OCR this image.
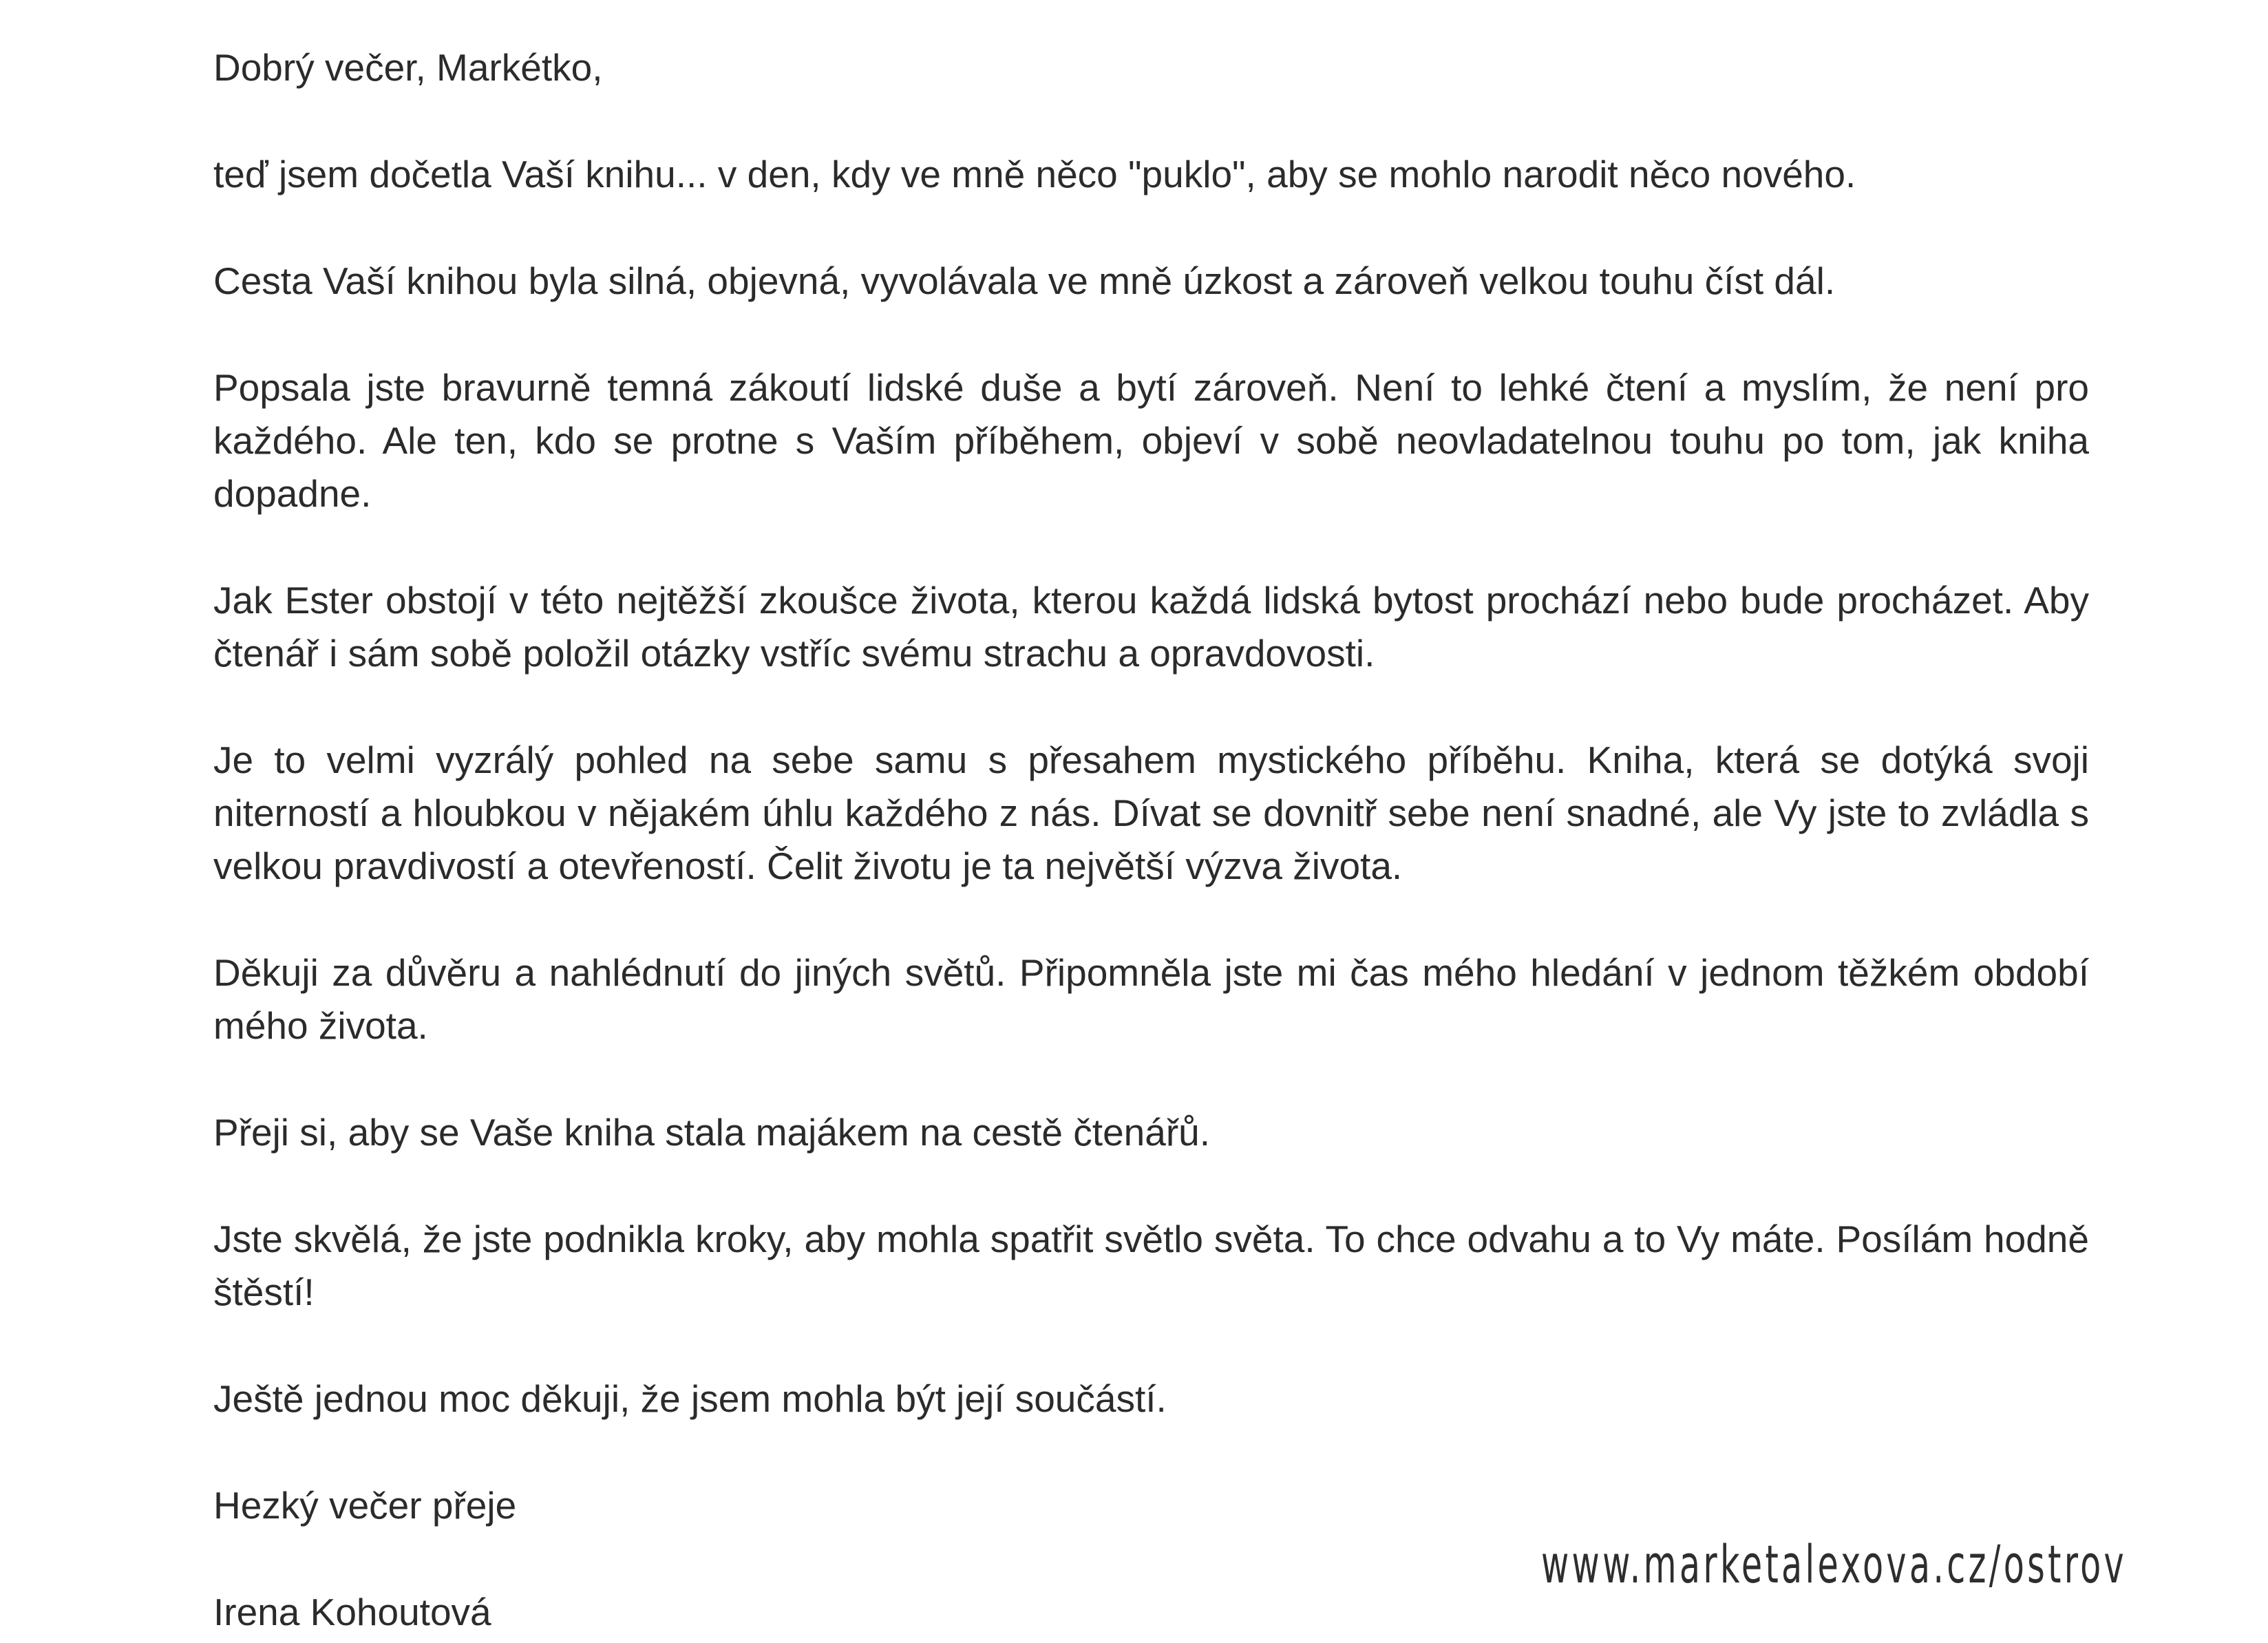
Dobrý večer, Markétko,

teď jsem dočetla Vaší knihu... v den, kdy ve mně něco "puklo", aby se mohlo narodit něco nového.

Cesta Vaší knihou byla silná, objevná, vyvolávala ve mně úzkost a zároveň velkou touhu číst dál.

Popsala jste bravurně temná zákoutí lidské duše a bytí zároveň. Není to lehké čtení a myslím, že není pro každého. Ale ten, kdo se protne s Vaším příběhem, objeví v sobě neovladatelnou touhu po tom, jak kniha dopadne.

Jak Ester obstojí v této nejtěžší zkoušce života, kterou každá lidská bytost prochází nebo bude procházet. Aby čtenář i sám sobě položil otázky vstříc svému strachu a opravdovosti.

Je to velmi vyzrálý pohled na sebe samu s přesahem mystického příběhu. Kniha, která se dotýká svoji niterností a hloubkou v nějakém úhlu každého z nás. Dívat se dovnitř sebe není snadné, ale Vy jste to zvládla s velkou pravdivostí a otevřeností. Čelit životu je ta největší výzva života.

Děkuji za důvěru a nahlédnutí do jiných světů. Připomněla jste mi čas mého hledání v jednom těžkém období mého života.

Přeji si, aby se Vaše kniha stala majákem na cestě čtenářů.

Jste skvělá, že jste podnikla kroky, aby mohla spatřit světlo světa. To chce odvahu a to Vy máte. Posílám hodně štěstí!

Ještě jednou moc děkuji, že jsem mohla být její součástí.

Hezký večer přeje

Irena Kohoutová

www.marketalexova.cz/ostrov
